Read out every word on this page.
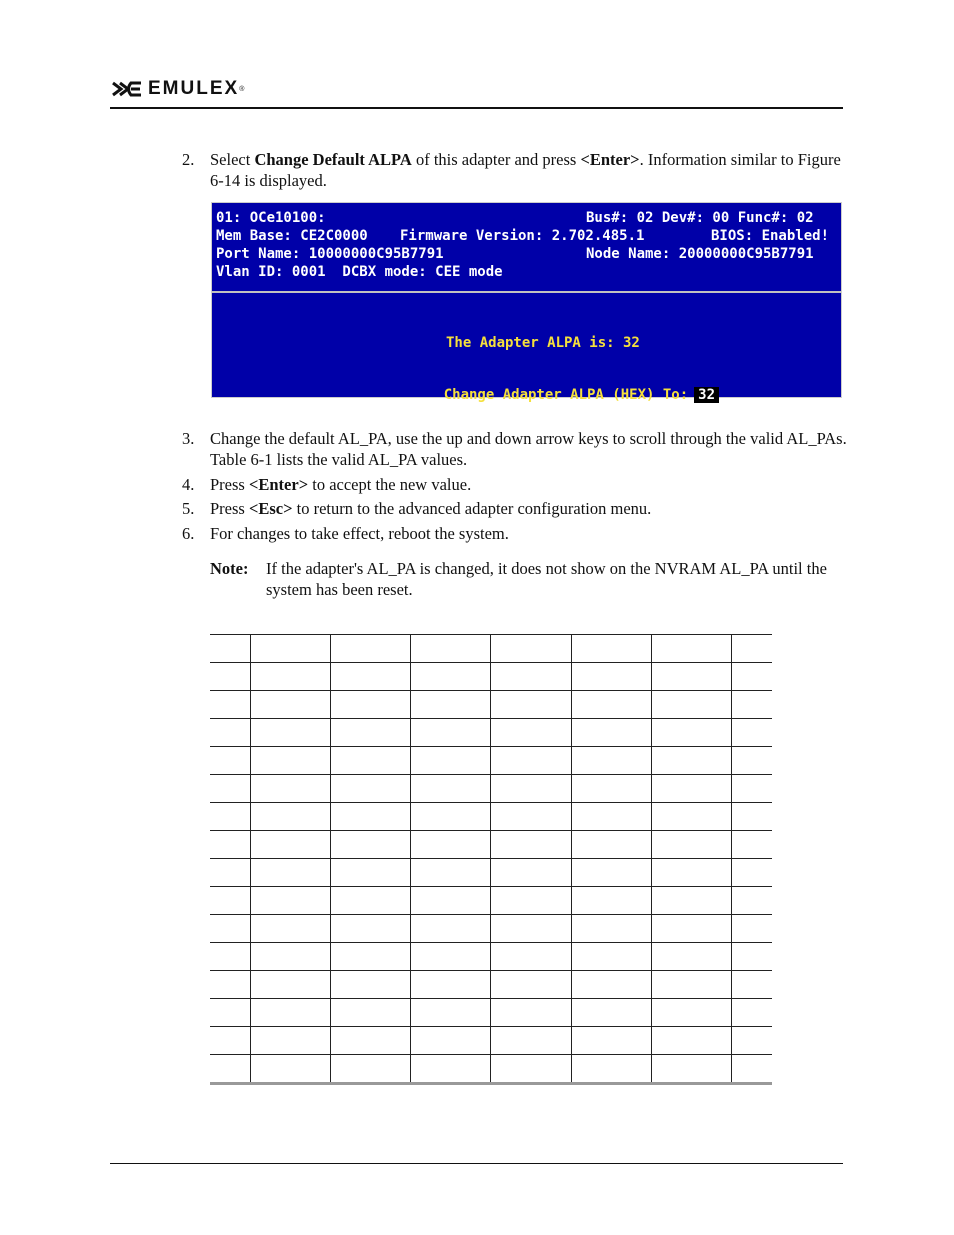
EMULEX ®
2. Select Change Default ALPA of this adapter and press <Enter>. Information similar to Figure 6-14 is displayed.
01: OCe10100:	Bus#: 02 Dev#: 00 Func#: 02
Mem Base: CE2C0000 Firmware Version: 2.702.485.1	BIOS: Enabled!
Port Name: 10000000C95B7791	Node Name: 20000000C95B7791
Vlan ID: 0001  DCBX mode: CEE mode
The Adapter ALPA is: 32

Change Adapter ALPA (HEX) To: 32

3. Change the default AL_PA, use the up and down arrow keys to scroll through the valid AL_PAs. Table 6-1 lists the valid AL_PA values.
4. Press <Enter> to accept the new value.
5. Press <Esc> to return to the advanced adapter configuration menu.
6. For changes to take effect, reboot the system.
Note: If the adapter's AL_PA is changed, it does not show on the NVRAM AL_PA until the system has been reset.
